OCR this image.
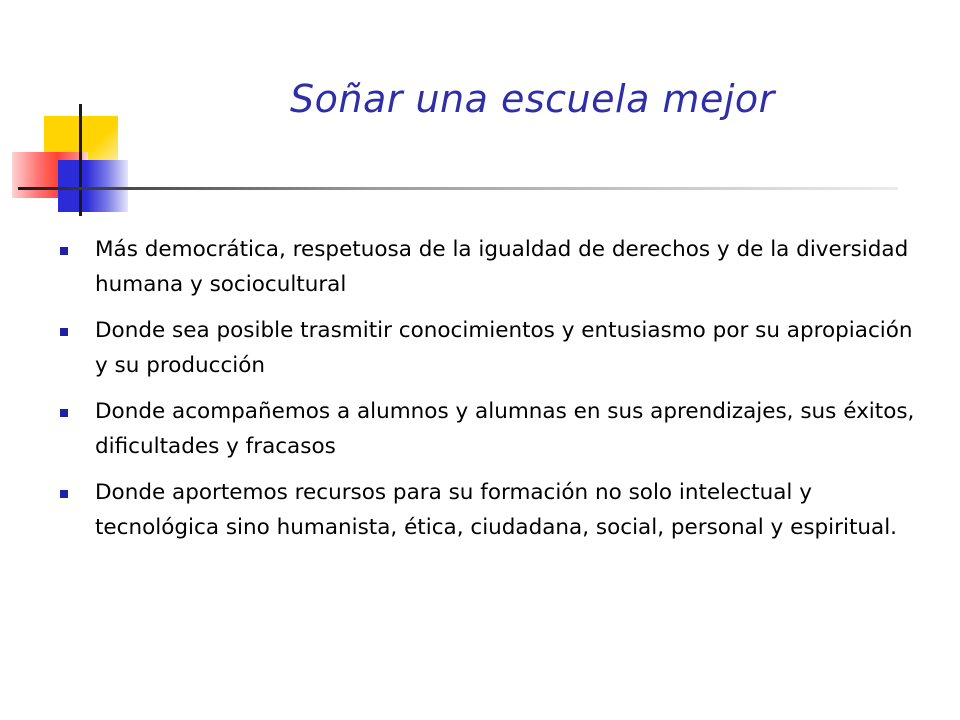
Soñar una escuela mejor
Más democrática, respetuosa de la igualdad de derechos y de la diversidad humana y sociocultural
Donde sea posible trasmitir conocimientos y entusiasmo por su apropiación y su producción
Donde acompañemos a alumnos y alumnas en sus aprendizajes, sus éxitos, dificultades y fracasos
Donde aportemos recursos para su formación no solo intelectual y tecnológica sino humanista, ética, ciudadana, social, personal y espiritual.
